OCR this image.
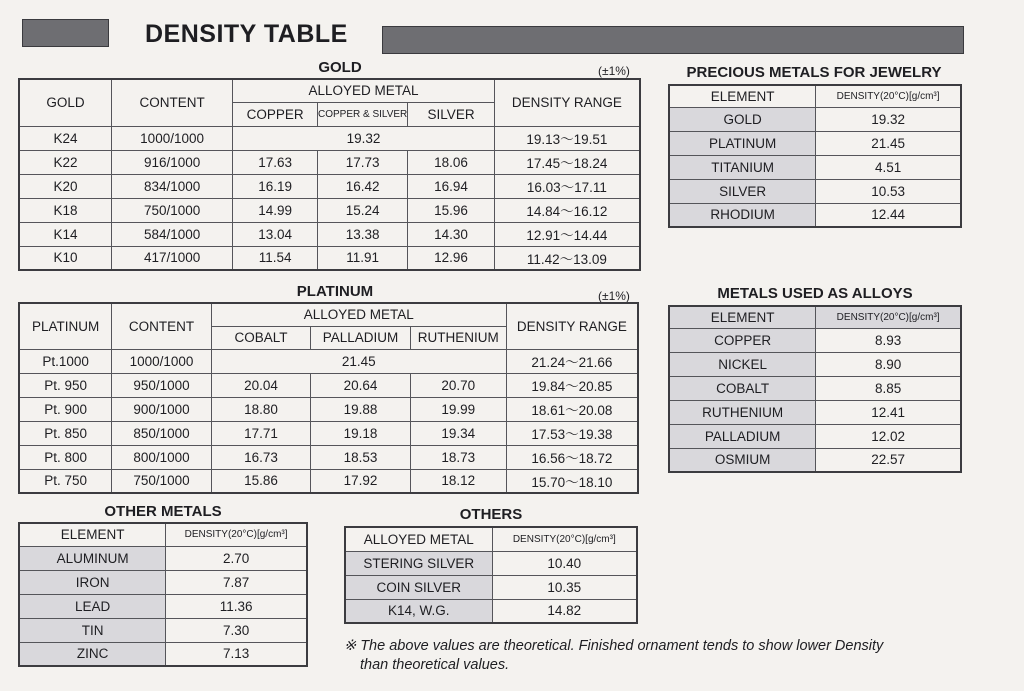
DENSITY TABLE
GOLD	(±1%)
GOLD	CONTENT	ALLOYED METAL			DENSITY RANGE
		COPPER	COPPER & SILVER	SILVER	
K24	1000/1000	19.32			19.13～19.51
K22	916/1000	17.63	17.73	18.06	17.45～18.24
K20	834/1000	16.19	16.42	16.94	16.03～17.11
K18	750/1000	14.99	15.24	15.96	14.84～16.12
K14	584/1000	13.04	13.38	14.30	12.91～14.44
K10	417/1000	11.54	11.91	12.96	11.42～13.09
PLATINUM	(±1%)
PLATINUM	CONTENT	ALLOYED METAL			DENSITY RANGE
		COBALT	PALLADIUM	RUTHENIUM	
Pt.1000	1000/1000	21.45			21.24～21.66
Pt. 950	950/1000	20.04	20.64	20.70	19.84～20.85
Pt. 900	900/1000	18.80	19.88	19.99	18.61～20.08
Pt. 850	850/1000	17.71	19.18	19.34	17.53～19.38
Pt. 800	800/1000	16.73	18.53	18.73	16.56～18.72
Pt. 750	750/1000	15.86	17.92	18.12	15.70～18.10
PRECIOUS METALS FOR JEWELRY
ELEMENT	DENSITY(20°C)[g/cm³]
GOLD	19.32
PLATINUM	21.45
TITANIUM	4.51
SILVER	10.53
RHODIUM	12.44
METALS USED AS ALLOYS
ELEMENT	DENSITY(20°C)[g/cm³]
COPPER	8.93
NICKEL	8.90
COBALT	8.85
RUTHENIUM	12.41
PALLADIUM	12.02
OSMIUM	22.57
OTHER METALS
ELEMENT	DENSITY(20°C)[g/cm³]
ALUMINUM	2.70
IRON	7.87
LEAD	11.36
TIN	7.30
ZINC	7.13
OTHERS
ALLOYED METAL	DENSITY(20°C)[g/cm³]
STERING SILVER	10.40
COIN SILVER	10.35
K14, W.G.	14.82
※ The above values are theoretical. Finished ornament tends to show lower Density
than theoretical values.
